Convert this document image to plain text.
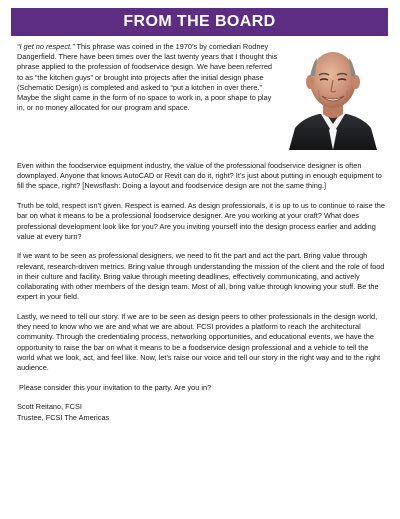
FROM THE BOARD

“I get no respect.” This phrase was coined in the 1970’s by comedian Rodney Dangerfield. There have been times over the last twenty years that I thought this phrase applied to the profession of foodservice design. We have been referred to as “the kitchen guys” or brought into projects after the initial design phase (Schematic Design) is completed and asked to “put a kitchen in over there.” Maybe the slight came in the form of no space to work in, a poor shape to play in, or no money allocated for our program and space.

Even within the foodservice equipment industry, the value of the professional foodservice designer is often downplayed. Anyone that knows AutoCAD or Revit can do it, right? It’s just about putting in enough equipment to fill the space, right? [Newsflash: Doing a layout and foodservice design are not the same thing.]

Truth be told, respect isn’t given. Respect is earned. As design professionals, it is up to us to continue to raise the bar on what it means to be a professional foodservice designer. Are you working at your craft? What does professional development look like for you? Are you inviting yourself into the design process earlier and adding value at every turn?

If we want to be seen as professional designers, we need to fit the part and act the part. Bring value through relevant, research-driven metrics. Bring value through understanding the mission of the client and the role of food in their culture and facility. Bring value through meeting deadlines, effectively communicating, and actively collaborating with other members of the design team. Most of all, bring value through knowing your stuff. Be the expert in your field.

Lastly, we need to tell our story. If we are to be seen as design peers to other professionals in the design world, they need to know who we are and what we are about. FCSI provides a platform to reach the architectural community. Through the credentialing process, networking opportunities, and educational events, we have the opportunity to raise the bar on what it means to be a foodservice design professional and a vehicle to tell the world what we look, act, and feel like. Now, let’s raise our voice and tell our story in the right way and to the right audience.

Please consider this your invitation to the party. Are you in?

Scott Reitano, FCSI

Trustee, FCSI The Americas
